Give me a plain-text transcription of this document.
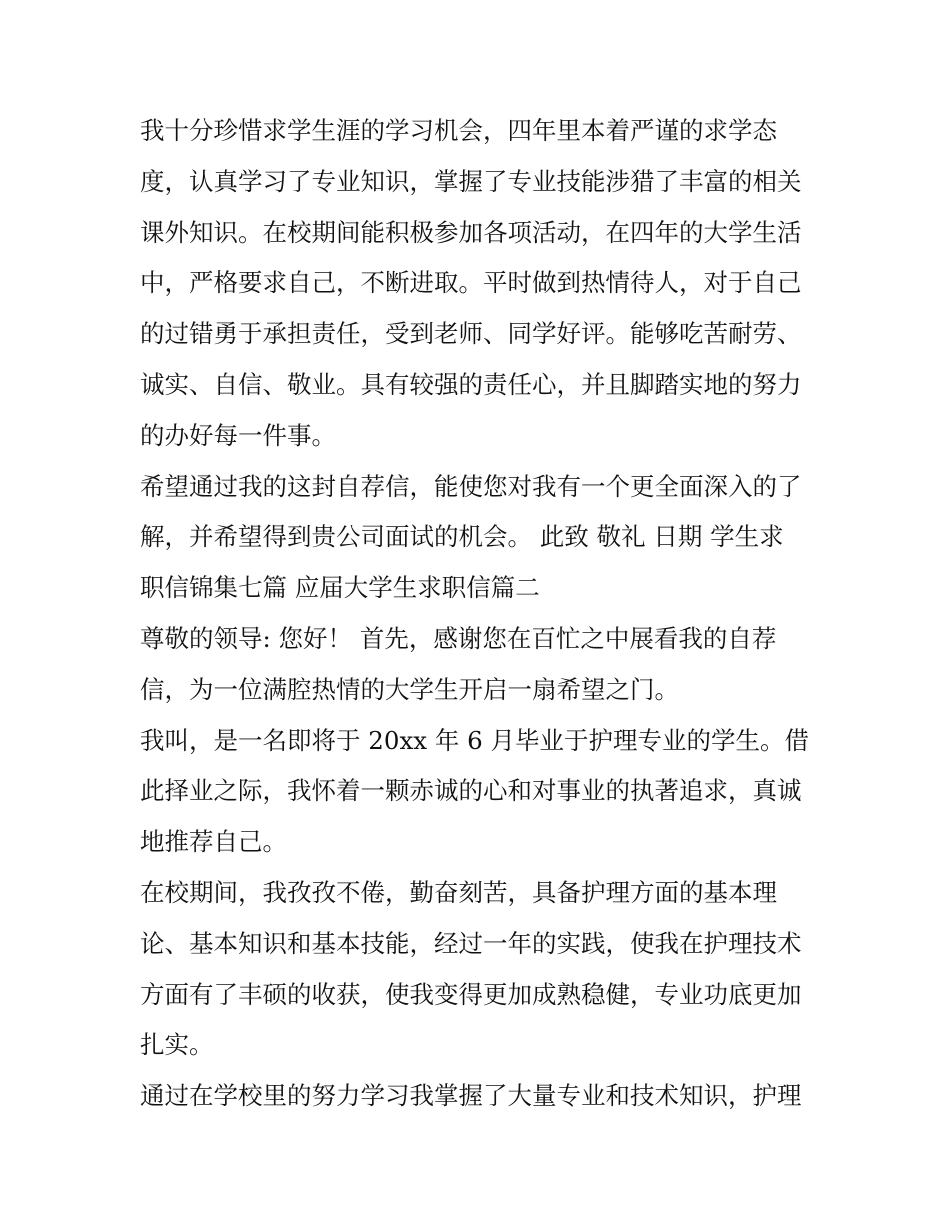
我十分珍惜求学生涯的学习机会，四年里本着严谨的求学态
度，认真学习了专业知识，掌握了专业技能涉猎了丰富的相关
课外知识。在校期间能积极参加各项活动，在四年的大学生活
中，严格要求自己，不断进取。平时做到热情待人，对于自己
的过错勇于承担责任，受到老师、同学好评。能够吃苦耐劳、
诚实、自信、敬业。具有较强的责任心，并且脚踏实地的努力
的办好每一件事。
希望通过我的这封自荐信，能使您对我有一个更全面深入的了
解，并希望得到贵公司面试的机会。 此致 敬礼 日期 学生求
职信锦集七篇 应届大学生求职信篇二
尊敬的领导: 您好！ 首先，感谢您在百忙之中展看我的自荐
信，为一位满腔热情的大学生开启一扇希望之门。
我叫，是一名即将于 20xx 年 6 月毕业于护理专业的学生。借
此择业之际，我怀着一颗赤诚的心和对事业的执著追求，真诚
地推荐自己。
在校期间，我孜孜不倦，勤奋刻苦，具备护理方面的基本理
论、基本知识和基本技能，经过一年的实践，使我在护理技术
方面有了丰硕的收获，使我变得更加成熟稳健，专业功底更加
扎实。
通过在学校里的努力学习我掌握了大量专业和技术知识，护理
